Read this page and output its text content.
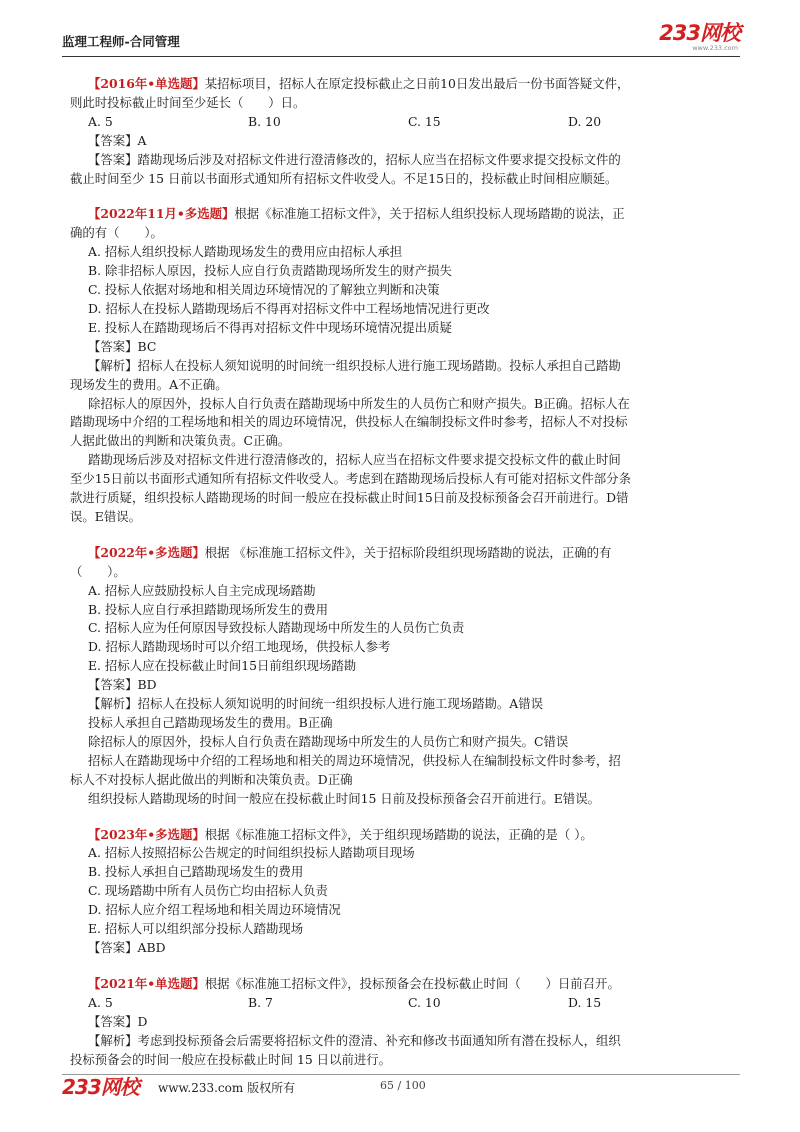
监理工程师-合同管理	233网校
www.233.com

【2016年•单选题】某招标项目，招标人在原定投标截止之日前10日发出最后一份书面答疑文件，

则此时投标截止时间至少延长（　　）日。

A. 5	B. 10	C. 15	D. 20

【答案】A

【答案】踏勘现场后涉及对招标文件进行澄清修改的，招标人应当在招标文件要求提交投标文件的

截止时间至少 15 日前以书面形式通知所有招标文件收受人。不足15日的，投标截止时间相应顺延。

【2022年11月•多选题】根据《标准施工招标文件》，关于招标人组织投标人现场踏勘的说法，正

确的有（　　）。

A. 招标人组织投标人踏勘现场发生的费用应由招标人承担

B. 除非招标人原因，投标人应自行负责踏勘现场所发生的财产损失

C. 投标人依据对场地和相关周边环境情况的了解独立判断和决策

D. 招标人在投标人踏勘现场后不得再对招标文件中工程场地情况进行更改

E. 投标人在踏勘现场后不得再对招标文件中现场环境情况提出质疑

【答案】BC

【解析】招标人在投标人须知说明的时间统一组织投标人进行施工现场踏勘。投标人承担自己踏勘

现场发生的费用。A不正确。

除招标人的原因外，投标人自行负责在踏勘现场中所发生的人员伤亡和财产损失。B正确。招标人在

踏勘现场中介绍的工程场地和相关的周边环境情况，供投标人在编制投标文件时参考，招标人不对投标

人据此做出的判断和决策负责。C正确。

踏勘现场后涉及对招标文件进行澄清修改的，招标人应当在招标文件要求提交投标文件的截止时间

至少15日前以书面形式通知所有招标文件收受人。考虑到在踏勘现场后投标人有可能对招标文件部分条

款进行质疑，组织投标人踏勘现场的时间一般应在投标截止时间15日前及投标预备会召开前进行。D错

误。E错误。

【2022年•多选题】根据 《标准施工招标文件》，关于招标阶段组织现场踏勘的说法，正确的有

（　　）。

A. 招标人应鼓励投标人自主完成现场踏勘

B. 投标人应自行承担踏勘现场所发生的费用

C. 招标人应为任何原因导致投标人踏勘现场中所发生的人员伤亡负责

D. 招标人踏勘现场时可以介绍工地现场，供投标人参考

E. 招标人应在投标截止时间15日前组织现场踏勘

【答案】BD

【解析】招标人在投标人须知说明的时间统一组织投标人进行施工现场踏勘。A错误

投标人承担自己踏勘现场发生的费用。B正确

除招标人的原因外，投标人自行负责在踏勘现场中所发生的人员伤亡和财产损失。C错误

招标人在踏勘现场中介绍的工程场地和相关的周边环境情况，供投标人在编制投标文件时参考，招

标人不对投标人据此做出的判断和决策负责。D正确

组织投标人踏勘现场的时间一般应在投标截止时间15 日前及投标预备会召开前进行。E错误。

【2023年•多选题】根据《标准施工招标文件》，关于组织现场踏勘的说法，正确的是（ ）。

A. 招标人按照招标公告规定的时间组织投标人踏勘项目现场

B. 投标人承担自己踏勘现场发生的费用

C. 现场踏勘中所有人员伤亡均由招标人负责

D. 招标人应介绍工程场地和相关周边环境情况

E. 招标人可以组织部分投标人踏勘现场

【答案】ABD

【2021年•单选题】根据《标准施工招标文件》，投标预备会在投标截止时间（　　）日前召开。

A. 5	B. 7	C. 10	D. 15

【答案】D

【解析】考虑到投标预备会后需要将招标文件的澄清、补充和修改书面通知所有潜在投标人，组织

投标预备会的时间一般应在投标截止时间 15 日以前进行。

233网校 www.233.com 版权所有	65 / 100
